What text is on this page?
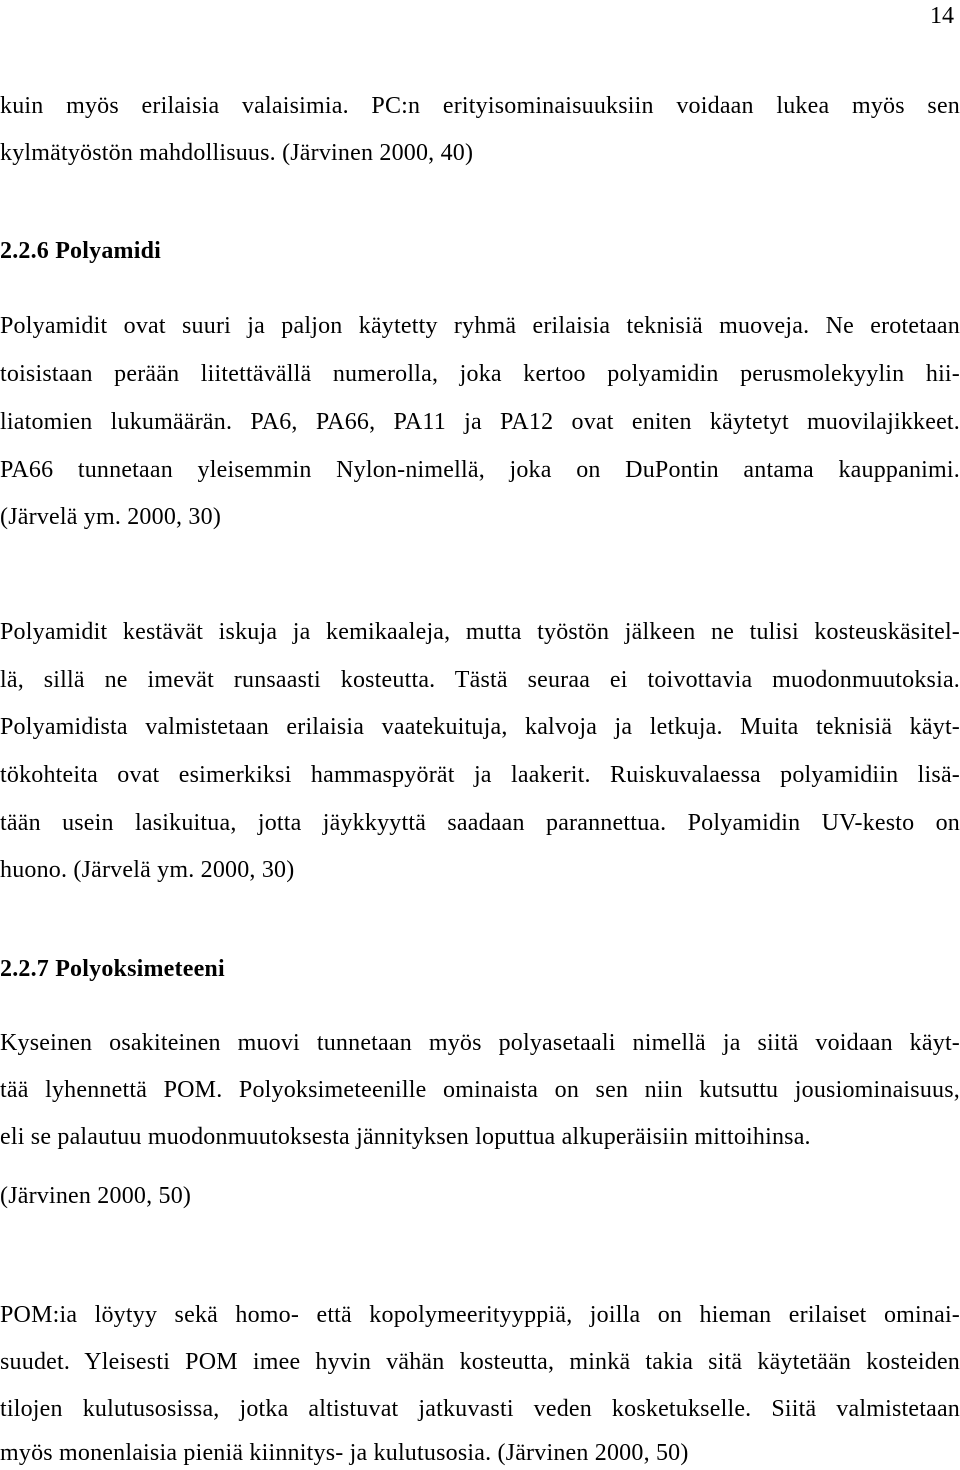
14
kuin myös erilaisia valaisimia. PC:n erityisominaisuuksiin voidaan lukea myös sen
kylmätyöstön mahdollisuus. (Järvinen 2000, 40)
2.2.6 Polyamidi
Polyamidit ovat suuri ja paljon käytetty ryhmä erilaisia teknisiä muoveja. Ne erotetaan
toisistaan perään liitettävällä numerolla, joka kertoo polyamidin perusmolekyylin hii-
liatomien lukumäärän. PA6, PA66, PA11 ja PA12 ovat eniten käytetyt muovilajikkeet.
PA66 tunnetaan yleisemmin Nylon-nimellä, joka on DuPontin antama kauppanimi.
(Järvelä ym. 2000, 30)
Polyamidit kestävät iskuja ja kemikaaleja, mutta työstön jälkeen ne tulisi kosteuskäsitel-
lä, sillä ne imevät runsaasti kosteutta. Tästä seuraa ei toivottavia muodonmuutoksia.
Polyamidista valmistetaan erilaisia vaatekuituja, kalvoja ja letkuja. Muita teknisiä käyt-
tökohteita ovat esimerkiksi hammaspyörät ja laakerit. Ruiskuvalaessa polyamidiin lisä-
tään usein lasikuitua, jotta jäykkyyttä saadaan parannettua. Polyamidin UV-kesto on
huono. (Järvelä ym. 2000, 30)
2.2.7 Polyoksimeteeni
Kyseinen osakiteinen muovi tunnetaan myös polyasetaali nimellä ja siitä voidaan käyt-
tää lyhennettä POM. Polyoksimeteenille ominaista on sen niin kutsuttu jousiominaisuus,
eli se palautuu muodonmuutoksesta jännityksen loputtua alkuperäisiin mittoihinsa.
(Järvinen 2000, 50)
POM:ia löytyy sekä homo- että kopolymeerityyppiä, joilla on hieman erilaiset ominai-
suudet. Yleisesti POM imee hyvin vähän kosteutta, minkä takia sitä käytetään kosteiden
tilojen kulutusosissa, jotka altistuvat jatkuvasti veden kosketukselle. Siitä valmistetaan
myös monenlaisia pieniä kiinnitys- ja kulutusosia. (Järvinen 2000, 50)
